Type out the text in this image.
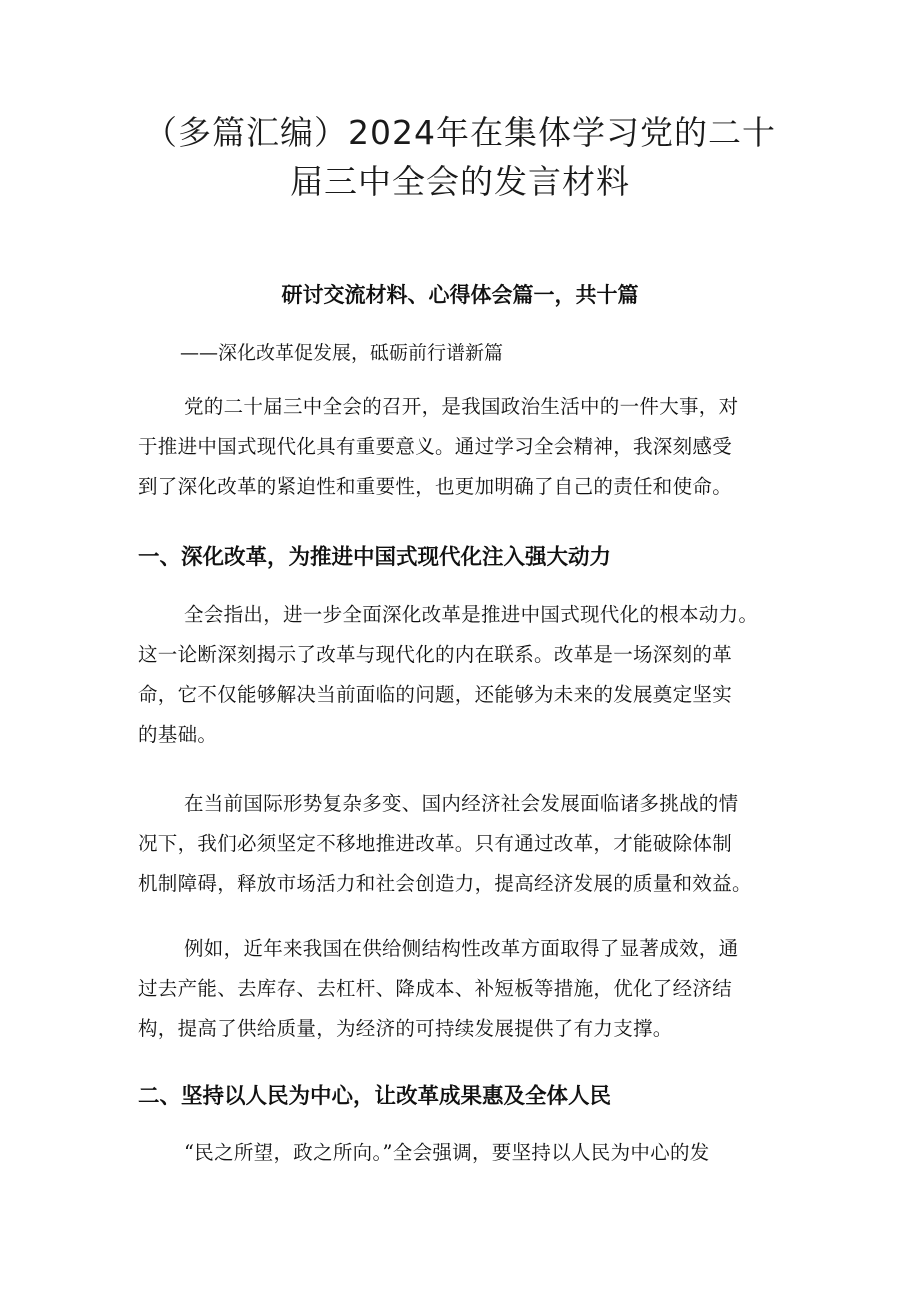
（多篇汇编）2024年在集体学习党的二十
届三中全会的发言材料
研讨交流材料、心得体会篇一，共十篇
——深化改革促发展，砥砺前行谱新篇
党的二十届三中全会的召开，是我国政治生活中的一件大事，对
于推进中国式现代化具有重要意义。通过学习全会精神，我深刻感受
到了深化改革的紧迫性和重要性，也更加明确了自己的责任和使命。
一、深化改革，为推进中国式现代化注入强大动力
全会指出，进一步全面深化改革是推进中国式现代化的根本动力。
这一论断深刻揭示了改革与现代化的内在联系。改革是一场深刻的革
命，它不仅能够解决当前面临的问题，还能够为未来的发展奠定坚实
的基础。
在当前国际形势复杂多变、国内经济社会发展面临诸多挑战的情
况下，我们必须坚定不移地推进改革。只有通过改革，才能破除体制
机制障碍，释放市场活力和社会创造力，提高经济发展的质量和效益。
例如，近年来我国在供给侧结构性改革方面取得了显著成效，通
过去产能、去库存、去杠杆、降成本、补短板等措施，优化了经济结
构，提高了供给质量，为经济的可持续发展提供了有力支撑。
二、坚持以人民为中心，让改革成果惠及全体人民
“民之所望，政之所向。”全会强调，要坚持以人民为中心的发
